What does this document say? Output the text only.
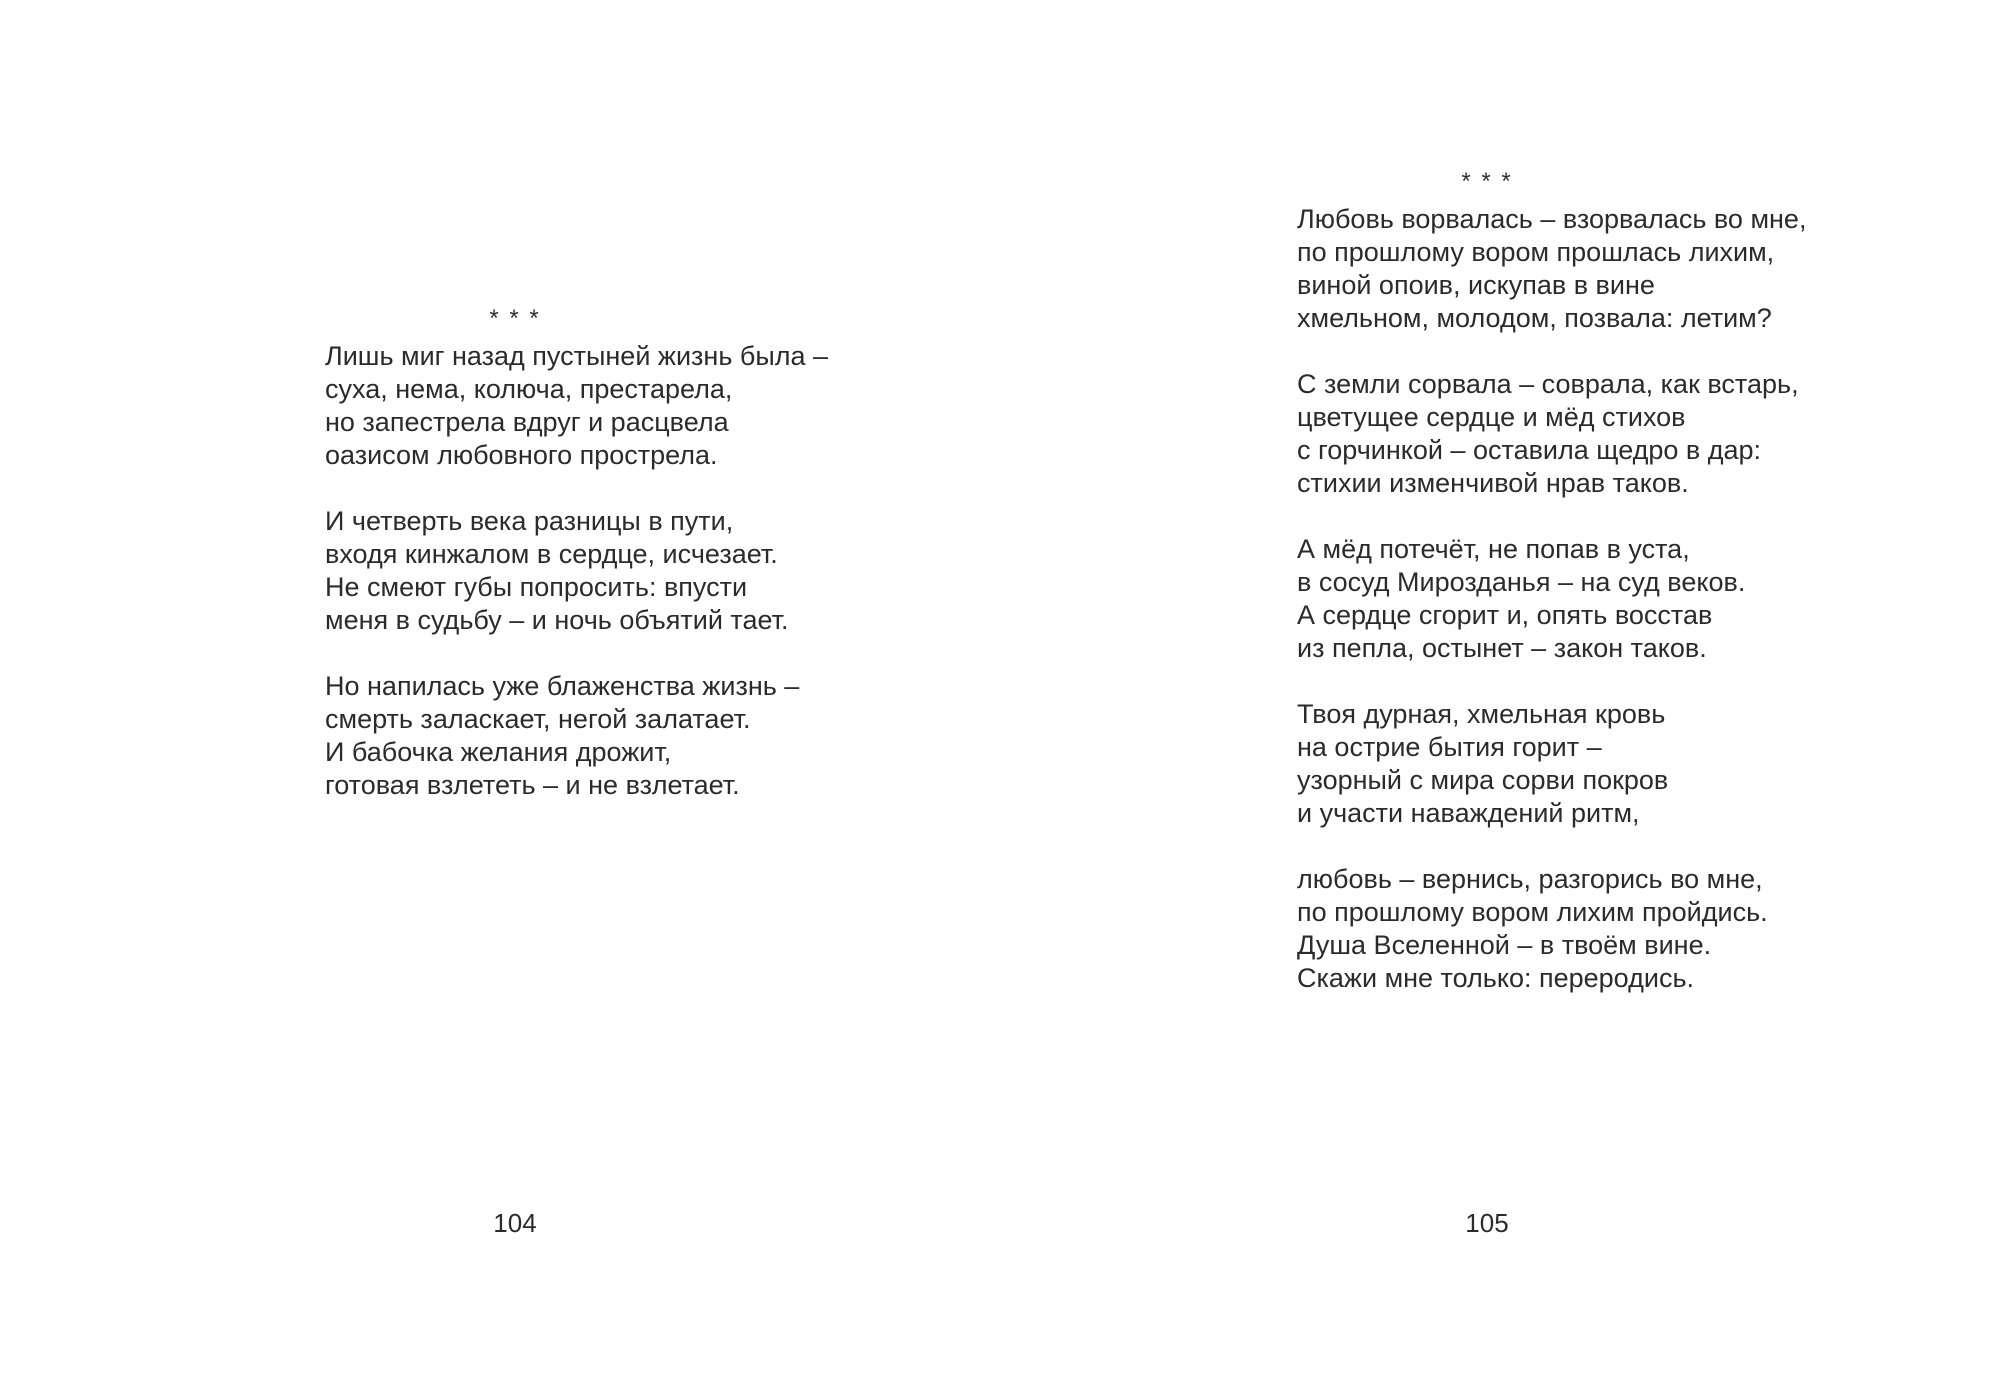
* * *
Лишь миг назад пустыней жизнь была –
суха, нема, колюча, престарела,
но запестрела вдруг и расцвела
оазисом любовного прострела.
И четверть века разницы в пути,
входя кинжалом в сердце, исчезает.
Не смеют губы попросить: впусти
меня в судьбу – и ночь объятий тает.
Но напилась уже блаженства жизнь –
смерть заласкает, негой залатает.
И бабочка желания дрожит,
готовая взлететь – и не взлетает.
104
* * *
Любовь ворвалась – взорвалась во мне,
по прошлому вором прошлась лихим,
виной опоив, искупав в вине
хмельном, молодом, позвала: летим?
С земли сорвала – соврала, как встарь,
цветущее сердце и мёд стихов
с горчинкой – оставила щедро в дар:
стихии изменчивой нрав таков.
А мёд потечёт, не попав в уста,
в сосуд Мирозданья – на суд веков.
А сердце сгорит и, опять восстав
из пепла, остынет – закон таков.
Твоя дурная, хмельная кровь
на острие бытия горит –
узорный с мира сорви покров
и участи наваждений ритм,
любовь – вернись, разгорись во мне,
по прошлому вором лихим пройдись.
Душа Вселенной – в твоём вине.
Скажи мне только: переродись.
105
